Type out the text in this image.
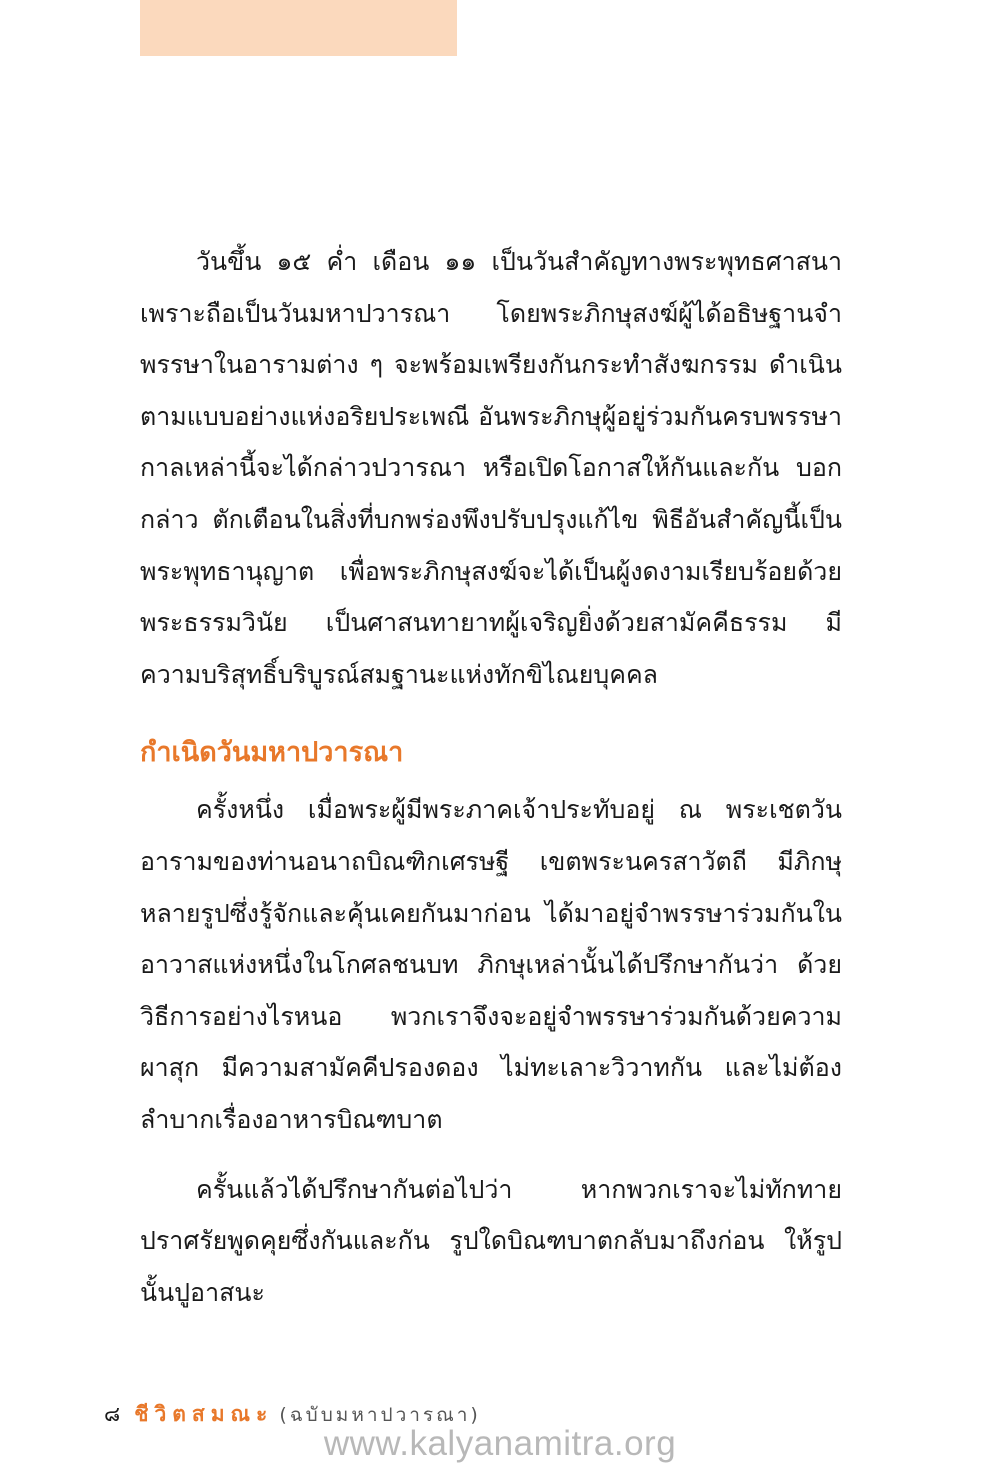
วันขึ้น ๑๕ ค่ำ เดือน ๑๑ เป็นวันสำคัญทางพระพุทธศาสนา เพราะถือเป็นวันมหาปวารณา โดยพระภิกษุสงฆ์ผู้ได้อธิษฐานจำพรรษาในอารามต่าง ๆ จะพร้อมเพรียงกันกระทำสังฆกรรม ดำเนินตามแบบอย่างแห่งอริยประเพณี อันพระภิกษุผู้อยู่ร่วมกันครบพรรษากาลเหล่านี้จะได้กล่าวปวารณา หรือเปิดโอกาสให้กันและกัน บอกกล่าว ตักเตือนในสิ่งที่บกพร่องพึงปรับปรุงแก้ไข พิธีอันสำคัญนี้เป็นพระพุทธานุญาต เพื่อพระภิกษุสงฆ์จะได้เป็นผู้งดงามเรียบร้อยด้วยพระธรรมวินัย เป็นศาสนทายาทผู้เจริญยิ่งด้วยสามัคคีธรรม มีความบริสุทธิ์บริบูรณ์สมฐานะแห่งทักขิไณยบุคคล

กำเนิดวันมหาปวารณา

ครั้งหนึ่ง เมื่อพระผู้มีพระภาคเจ้าประทับอยู่ ณ พระเชตวันอารามของท่านอนาถบิณฑิกเศรษฐี เขตพระนครสาวัตถี มีภิกษุหลายรูปซึ่งรู้จักและคุ้นเคยกันมาก่อน ได้มาอยู่จำพรรษาร่วมกันในอาวาสแห่งหนึ่งในโกศลชนบท ภิกษุเหล่านั้นได้ปรึกษากันว่า ด้วยวิธีการอย่างไรหนอ พวกเราจึงจะอยู่จำพรรษาร่วมกันด้วยความผาสุก มีความสามัคคีปรองดอง ไม่ทะเลาะวิวาทกัน และไม่ต้องลำบากเรื่องอาหารบิณฑบาต

ครั้นแล้วได้ปรึกษากันต่อไปว่า หากพวกเราจะไม่ทักทายปราศรัยพูดคุยซึ่งกันและกัน รูปใดบิณฑบาตกลับมาถึงก่อน ให้รูปนั้นปูอาสนะ

๘ ชีวิตสมณะ (ฉบับมหาปวารณา)
www.kalyanamitra.org
